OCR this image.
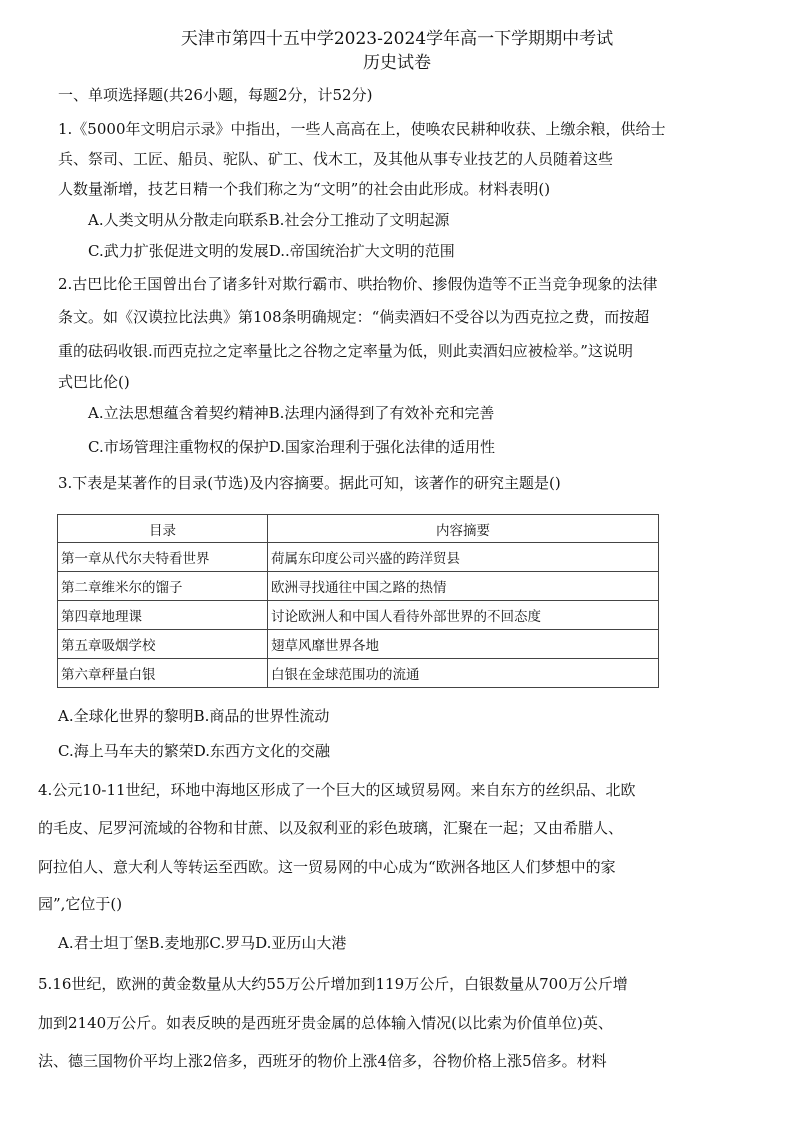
天津市第四十五中学2023-2024学年高一下学期期中考试
历史试卷
一、单项选择题(共26小题，每题2分，计52分)
1.《5000年文明启示录》中指出，一些人高高在上，使唤农民耕种收获、上缴余粮，供给士
兵、祭司、工匠、船员、驼队、矿工、伐木工，及其他从事专业技艺的人员随着这些
人数量渐增，技艺日精一个我们称之为“文明”的社会由此形成。材料表明()
A.人类文明从分散走向联系B.社会分工推动了文明起源
C.武力扩张促进文明的发展D..帝国统治扩大文明的范围
2.古巴比伦王国曾出台了诸多针对欺行霸市、哄抬物价、掺假伪造等不正当竞争现象的法律
条文。如《汉谟拉比法典》第108条明确规定：“倘卖酒妇不受谷以为西克拉之费，而按超
重的砝码收银.而西克拉之定率量比之谷物之定率量为低，则此卖酒妇应被检举。”这说明
式巴比伦()
A.立法思想蕴含着契约精神B.法理内涵得到了有效补充和完善
C.市场管理注重物权的保护D.国家治理利于强化法律的适用性
3.下表是某著作的目录(节选)及内容摘要。据此可知，该著作的研究主题是()
目录	内容摘要
第一章从代尔夫特看世界	荷属东印度公司兴盛的跨洋贸县
第二章维米尔的馏子	欧洲寻找通往中国之路的热情
第四章地理课	讨论欧洲人和中国人看待外部世界的不回态度
第五章吸烟学校	翅草风靡世界各地
第六章秤量白银	白银在金球范围功的流通
A.全球化世界的黎明B.商品的世界性流动
C.海上马车夫的繁荣D.东西方文化的交融
4.公元10-11世纪，环地中海地区形成了一个巨大的区域贸易网。来自东方的丝织品、北欧
的毛皮、尼罗河流域的谷物和甘蔗、以及叙利亚的彩色玻璃，汇聚在一起；又由希腊人、
阿拉伯人、意大利人等转运至西欧。这一贸易网的中心成为“欧洲各地区人们梦想中的家
园”,它位于()
A.君士坦丁堡B.麦地那C.罗马D.亚历山大港
5.16世纪，欧洲的黄金数量从大约55万公斤增加到119万公斤，白银数量从700万公斤增
加到2140万公斤。如表反映的是西班牙贵金属的总体输入情况(以比索为价值单位)英、
法、德三国物价平均上涨2倍多，西班牙的物价上涨4倍多，谷物价格上涨5倍多。材料
